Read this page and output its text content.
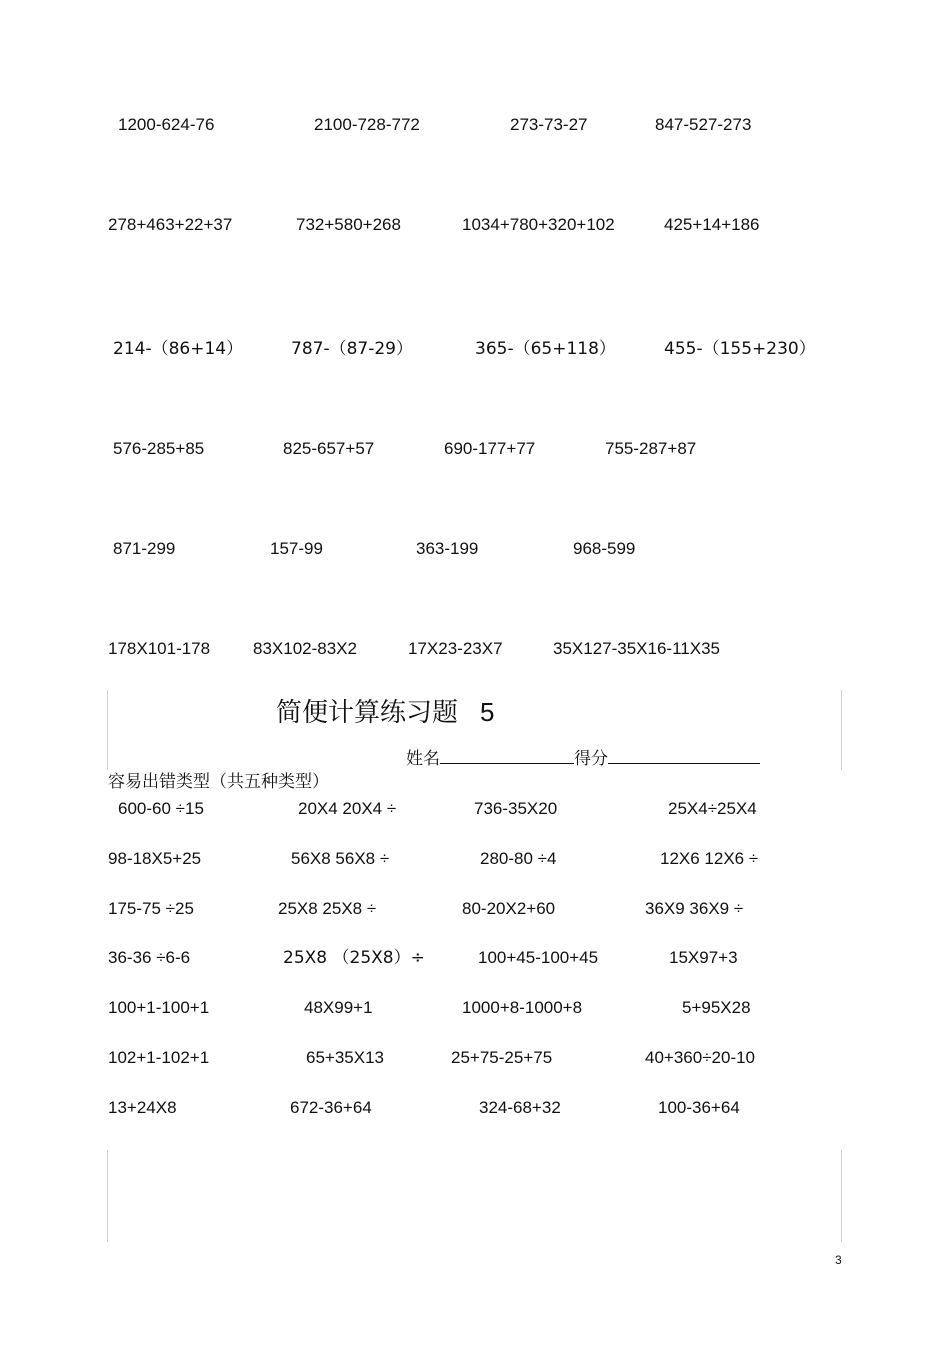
1200-624-76	2100-728-772	273-73-27	847-527-273
278+463+22+37	732+580+268	1034+780+320+102	425+14+186
214-（86+14）	787-（87-29）	365-（65+118）	455-（155+230）
576-285+85	825-657+57	690-177+77	755-287+87
871-299	157-99	363-199	968-599
178X101-178	83X102-83X2	17X23-23X7	35X127-35X16-11X35
简便计算练习题 5
姓名	得分
容易出错类型（共五种类型）
600-60 ÷15	20X4 20X4 ÷	736-35X20	25X4÷25X4
98-18X5+25	56X8 56X8 ÷	280-80 ÷4	12X6 12X6 ÷
175-75 ÷25	25X8 25X8 ÷	80-20X2+60	36X9 36X9 ÷
36-36 ÷6-6	25X8 （25X8）÷	100+45-100+45	15X97+3
100+1-100+1	48X99+1	1000+8-1000+8	5+95X28
102+1-102+1	65+35X13	25+75-25+75	40+360÷20-10
13+24X8	672-36+64	324-68+32	100-36+64
3
